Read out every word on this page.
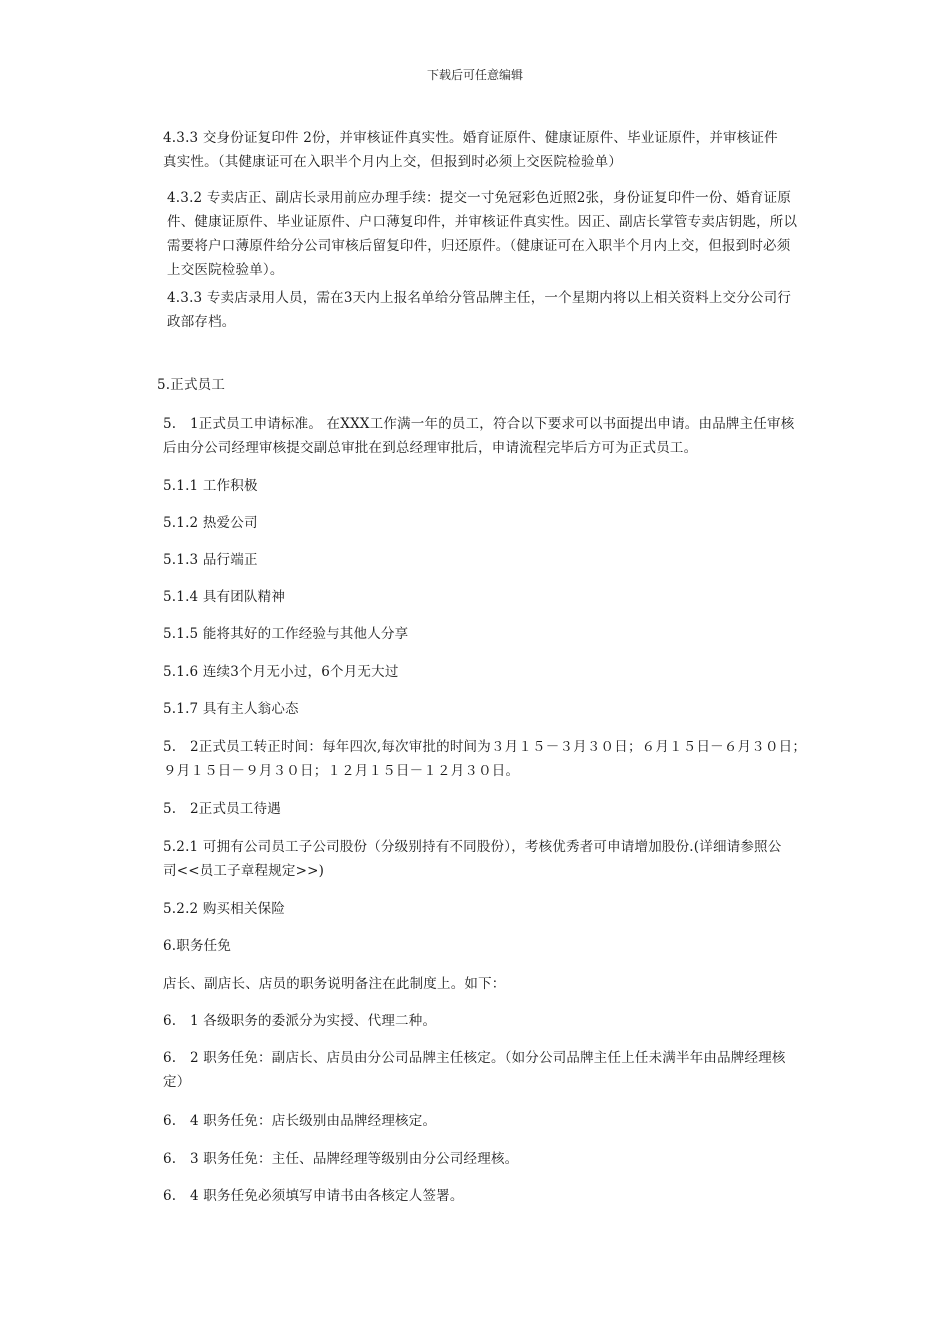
下载后可任意编辑
4.3.3 交身份证复印件 2份，并审核证件真实性。婚育证原件、健康证原件、毕业证原件，并审核证件
真实性。（其健康证可在入职半个月内上交，但报到时必须上交医院检验单）
4.3.2 专卖店正、副店长录用前应办理手续：提交一寸免冠彩色近照2张，身份证复印件一份、婚育证原
件、健康证原件、毕业证原件、户口薄复印件，并审核证件真实性。因正、副店长掌管专卖店钥匙，所以
需要将户口薄原件给分公司审核后留复印件，归还原件。（健康证可在入职半个月内上交，但报到时必须
上交医院检验单）。
4.3.3 专卖店录用人员，需在3天内上报名单给分管品牌主任，一个星期内将以上相关资料上交分公司行
政部存档。
5.正式员工
5.　1正式员工申请标准。 在XXX工作满一年的员工，符合以下要求可以书面提出申请。由品牌主任审核
后由分公司经理审核提交副总审批在到总经理审批后，申请流程完毕后方可为正式员工。
5.1.1 工作积极
5.1.2 热爱公司
5.1.3 品行端正
5.1.4 具有团队精神
5.1.5 能将其好的工作经验与其他人分享
5.1.6 连续3个月无小过，6个月无大过
5.1.7 具有主人翁心态
5.　2正式员工转正时间：每年四次,每次审批的时间为３月１５－３月３０日；６月１５日－６月３０日；
９月１５日－９月３０日；１２月１５日－１２月３０日。
5.　2正式员工待遇
5.2.1 可拥有公司员工子公司股份（分级别持有不同股份），考核优秀者可申请增加股份.(详细请参照公
司<<员工子章程规定>>)
5.2.2 购买相关保险
6.职务任免
店长、副店长、店员的职务说明备注在此制度上。如下：
6.　1 各级职务的委派分为实授、代理二种。
6.　2 职务任免：副店长、店员由分公司品牌主任核定。（如分公司品牌主任上任未满半年由品牌经理核
定）
6.　4 职务任免：店长级别由品牌经理核定。
6.　3 职务任免：主任、品牌经理等级别由分公司经理核。
6.　4 职务任免必须填写申请书由各核定人签署。
